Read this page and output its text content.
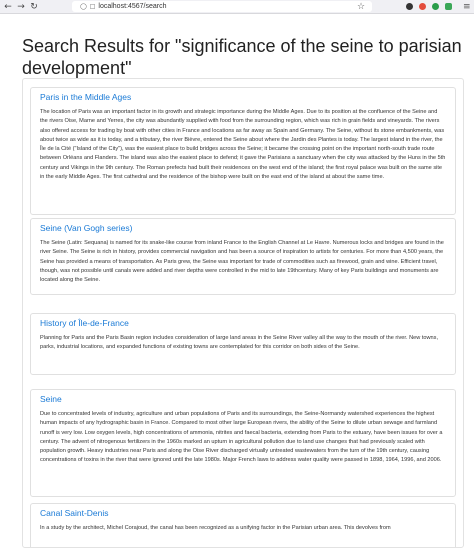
← → ↻	◯ □ localhost:4567/search	☆	≡
Search Results for "significance of the seine to parisian development"
Paris in the Middle Ages

The location of Paris was an important factor in its growth and strategic importance during the Middle Ages. Due to its position at the confluence of the Seine and the rivers Oise, Marne and Yerres, the city was abundantly supplied with food from the surrounding region, which was rich in grain fields and vineyards. The rivers also offered access for trading by boat with other cities in France and locations as far away as Spain and Germany. The Seine, without its stone embankments, was about twice as wide as it is today, and a tributary, the river Bièvre, entered the Seine about where the Jardin des Plantes is today. The largest island in the river, the Île de la Cité ("Island of the City"), was the easiest place to build bridges across the Seine; it became the crossing point on the important north-south trade route between Orléans and Flanders. The island was also the easiest place to defend; it gave the Parisians a sanctuary when the city was attacked by the Huns in the 5th century and Vikings in the 9th century. The Roman prefects had built their residences on the west end of the island; the first royal palace was built on the same site in the early Middle Ages. The first cathedral and the residence of the bishop were built on the east end of the island at about the same time.

Seine (Van Gogh series)

The Seine (Latin: Sequana) is named for its snake-like course from inland France to the English Channel at Le Havre. Numerous locks and bridges are found in the river Seine. The Seine is rich in history, provides commercial navigation and has been a source of inspiration to artists for centuries. For more than 4,500 years, the Seine has provided a means of transportation. As Paris grew, the Seine was important for trade of commodities such as firewood, grain and wine. Efficient travel, though, was not possible until canals were added and river depths were controlled in the mid to late 19thcentury. Many of key Paris buildings and monuments are located along the Seine.

History of Île-de-France

Planning for Paris and the Paris Basin region includes consideration of large land areas in the Seine River valley all the way to the mouth of the river. New towns, parks, industrial locations, and expanded functions of existing towns are contemplated for this corridor on both sides of the Seine.

Seine

Due to concentrated levels of industry, agriculture and urban populations of Paris and its surroundings, the Seine-Normandy watershed experiences the highest human impacts of any hydrographic basin in France. Compared to most other large European rivers, the ability of the Seine to dilute urban sewage and farmland runoff is very low. Low oxygen levels, high concentrations of ammonia, nitrites and faecal bacteria, extending from Paris to the estuary, have been issues for over a century. The advent of nitrogenous fertilizers in the 1960s marked an upturn in agricultural pollution due to land use changes that had previously scaled with population growth. Heavy industries near Paris and along the Oise River discharged virtually untreated wastewaters from the turn of the 19th century, causing concentrations of toxins in the river that were ignored until the late 1980s. Major French laws to address water quality were passed in 1898, 1964, 1996, and 2006.

Canal Saint-Denis

In a study by the architect, Michel Corajoud, the canal has been recognized as a unifying factor in the Parisian urban area. This devolves from
